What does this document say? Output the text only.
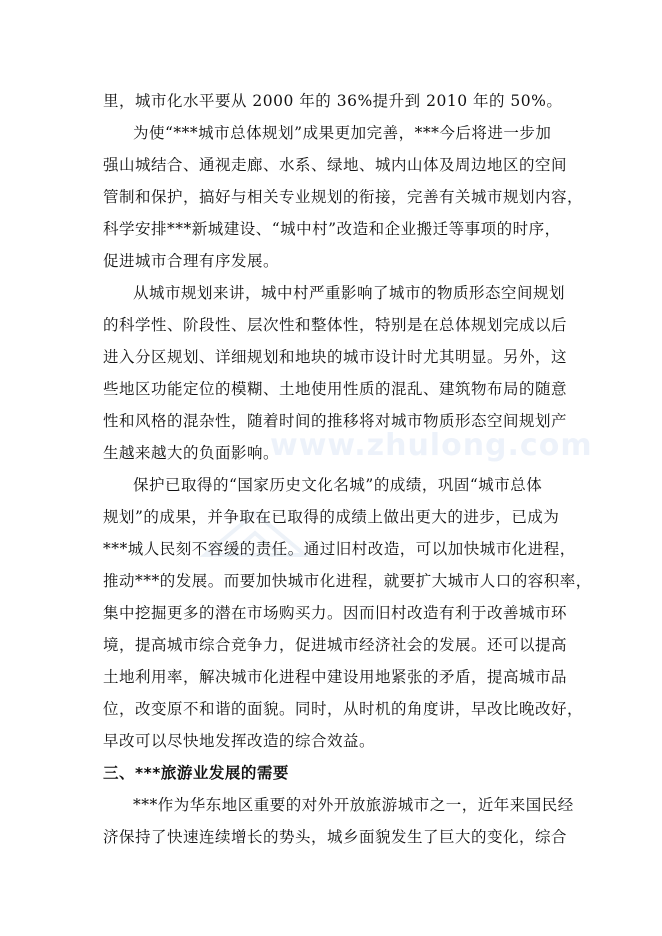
www.zhulong.com
里，城市化水平要从 2000 年的 36%提升到 2010 年的 50%。
为使“***城市总体规划”成果更加完善，***今后将进一步加
强山城结合、通视走廊、水系、绿地、城内山体及周边地区的空间
管制和保护，搞好与相关专业规划的衔接，完善有关城市规划内容，
科学安排***新城建设、“城中村”改造和企业搬迁等事项的时序，
促进城市合理有序发展。
从城市规划来讲，城中村严重影响了城市的物质形态空间规划
的科学性、阶段性、层次性和整体性，特别是在总体规划完成以后
进入分区规划、详细规划和地块的城市设计时尤其明显。另外，这
些地区功能定位的模糊、土地使用性质的混乱、建筑物布局的随意
性和风格的混杂性，随着时间的推移将对城市物质形态空间规划产
生越来越大的负面影响。
保护已取得的“国家历史文化名城”的成绩，巩固“城市总体
规划”的成果，并争取在已取得的成绩上做出更大的进步，已成为
***城人民刻不容缓的责任。通过旧村改造，可以加快城市化进程，
推动***的发展。而要加快城市化进程，就要扩大城市人口的容积率，
集中挖掘更多的潜在市场购买力。因而旧村改造有利于改善城市环
境，提高城市综合竞争力，促进城市经济社会的发展。还可以提高
土地利用率，解决城市化进程中建设用地紧张的矛盾，提高城市品
位，改变原不和谐的面貌。同时，从时机的角度讲，早改比晚改好，
早改可以尽快地发挥改造的综合效益。
三、***旅游业发展的需要
***作为华东地区重要的对外开放旅游城市之一，近年来国民经
济保持了快速连续增长的势头，城乡面貌发生了巨大的变化，综合
